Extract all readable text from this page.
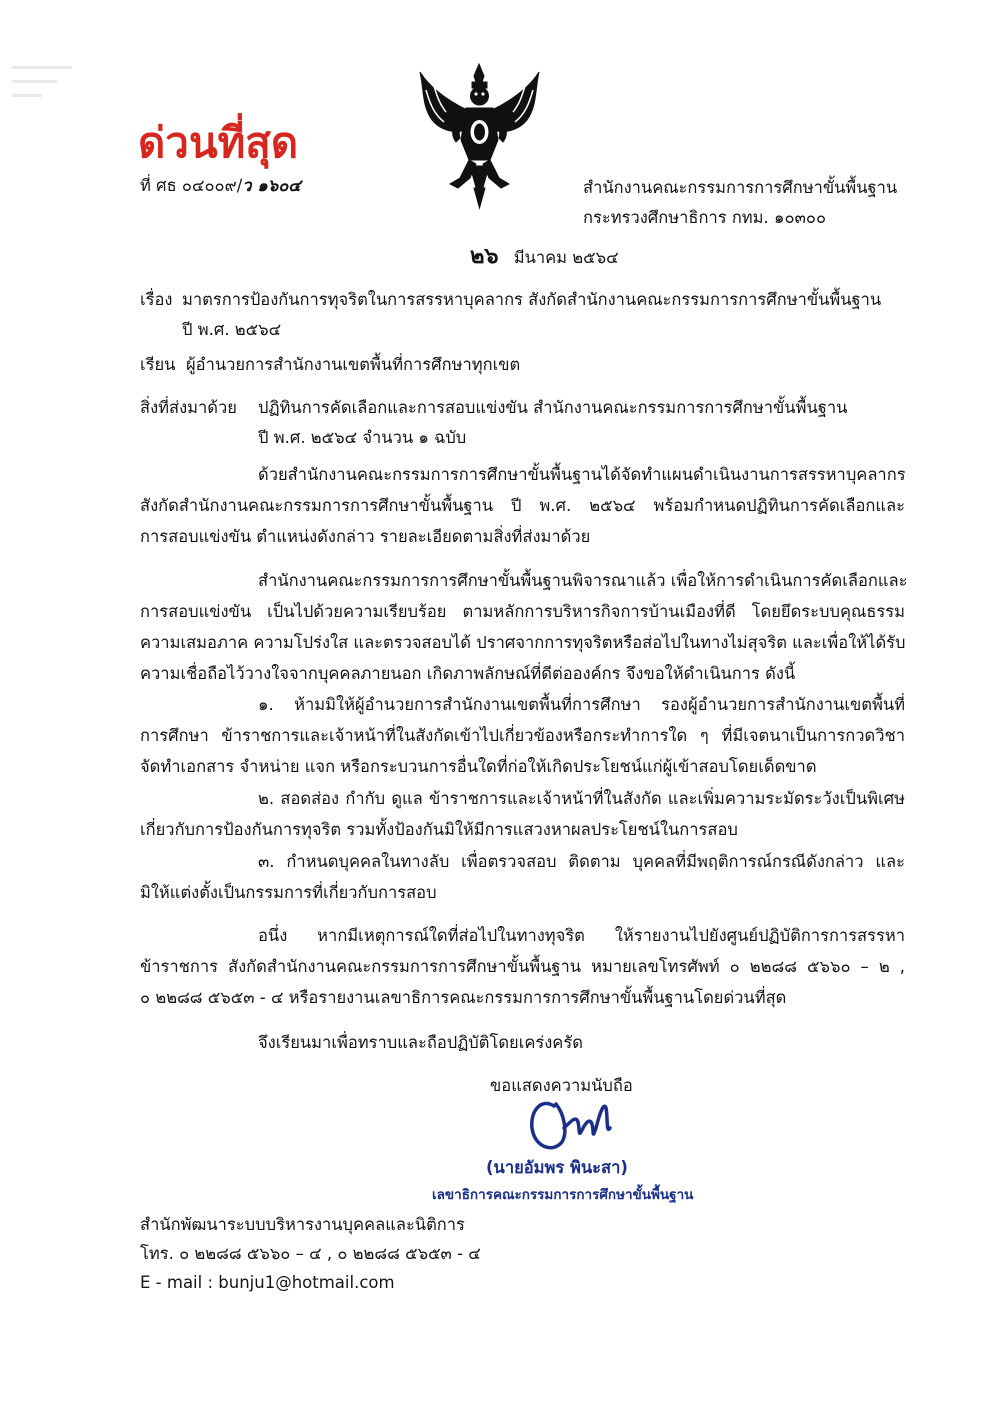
ด่วนที่สุด
ที่ ศธ ๐๔๐๐๙/ว ๑๖๐๔	สำนักงานคณะกรรมการการศึกษาขั้นพื้นฐาน
กระทรวงศึกษาธิการ กทม. ๑๐๓๐๐
๒๖ มีนาคม ๒๕๖๔
เรื่อง มาตรการป้องกันการทุจริตในการสรรหาบุคลากร สังกัดสำนักงานคณะกรรมการการศึกษาขั้นพื้นฐาน
ปี พ.ศ. ๒๕๖๔
เรียน ผู้อำนวยการสำนักงานเขตพื้นที่การศึกษาทุกเขต
สิ่งที่ส่งมาด้วย ปฏิทินการคัดเลือกและการสอบแข่งขัน สำนักงานคณะกรรมการการศึกษาขั้นพื้นฐาน
ปี พ.ศ. ๒๕๖๔ จำนวน ๑ ฉบับ
ด้วยสำนักงานคณะกรรมการการศึกษาขั้นพื้นฐานได้จัดทำแผนดำเนินงานการสรรหาบุคลากร
สังกัดสำนักงานคณะกรรมการการศึกษาขั้นพื้นฐาน ปี พ.ศ. ๒๕๖๔ พร้อมกำหนดปฏิทินการคัดเลือกและ
การสอบแข่งขัน ตำแหน่งดังกล่าว รายละเอียดตามสิ่งที่ส่งมาด้วย
สำนักงานคณะกรรมการการศึกษาขั้นพื้นฐานพิจารณาแล้ว เพื่อให้การดำเนินการคัดเลือกและ
การสอบแข่งขัน เป็นไปด้วยความเรียบร้อย ตามหลักการบริหารกิจการบ้านเมืองที่ดี โดยยึดระบบคุณธรรม
ความเสมอภาค ความโปร่งใส และตรวจสอบได้ ปราศจากการทุจริตหรือส่อไปในทางไม่สุจริต และเพื่อให้ได้รับ
ความเชื่อถือไว้วางใจจากบุคคลภายนอก เกิดภาพลักษณ์ที่ดีต่อองค์กร จึงขอให้ดำเนินการ ดังนี้
๑. ห้ามมิให้ผู้อำนวยการสำนักงานเขตพื้นที่การศึกษา รองผู้อำนวยการสำนักงานเขตพื้นที่
การศึกษา ข้าราชการและเจ้าหน้าที่ในสังกัดเข้าไปเกี่ยวข้องหรือกระทำการใด ๆ ที่มีเจตนาเป็นการกวดวิชา
จัดทำเอกสาร จำหน่าย แจก หรือกระบวนการอื่นใดที่ก่อให้เกิดประโยชน์แก่ผู้เข้าสอบโดยเด็ดขาด
๒. สอดส่อง กำกับ ดูแล ข้าราชการและเจ้าหน้าที่ในสังกัด และเพิ่มความระมัดระวังเป็นพิเศษ
เกี่ยวกับการป้องกันการทุจริต รวมทั้งป้องกันมิให้มีการแสวงหาผลประโยชน์ในการสอบ
๓. กำหนดบุคคลในทางลับ เพื่อตรวจสอบ ติดตาม บุคคลที่มีพฤติการณ์กรณีดังกล่าว และ
มิให้แต่งตั้งเป็นกรรมการที่เกี่ยวกับการสอบ
อนึ่ง หากมีเหตุการณ์ใดที่ส่อไปในทางทุจริต ให้รายงานไปยังศูนย์ปฏิบัติการการสรรหา
ข้าราชการ สังกัดสำนักงานคณะกรรมการการศึกษาขั้นพื้นฐาน หมายเลขโทรศัพท์ ๐ ๒๒๘๘ ๕๖๖๐ – ๒ ,
๐ ๒๒๘๘ ๕๖๕๓ - ๔ หรือรายงานเลขาธิการคณะกรรมการการศึกษาขั้นพื้นฐานโดยด่วนที่สุด
จึงเรียนมาเพื่อทราบและถือปฏิบัติโดยเคร่งครัด
ขอแสดงความนับถือ
(นายอัมพร พินะสา)
เลขาธิการคณะกรรมการการศึกษาขั้นพื้นฐาน
สำนักพัฒนาระบบบริหารงานบุคคลและนิติการ
โทร. ๐ ๒๒๘๘ ๕๖๖๐ – ๔ , ๐ ๒๒๘๘ ๕๖๕๓ - ๔
E - mail : bunju1@hotmail.com
